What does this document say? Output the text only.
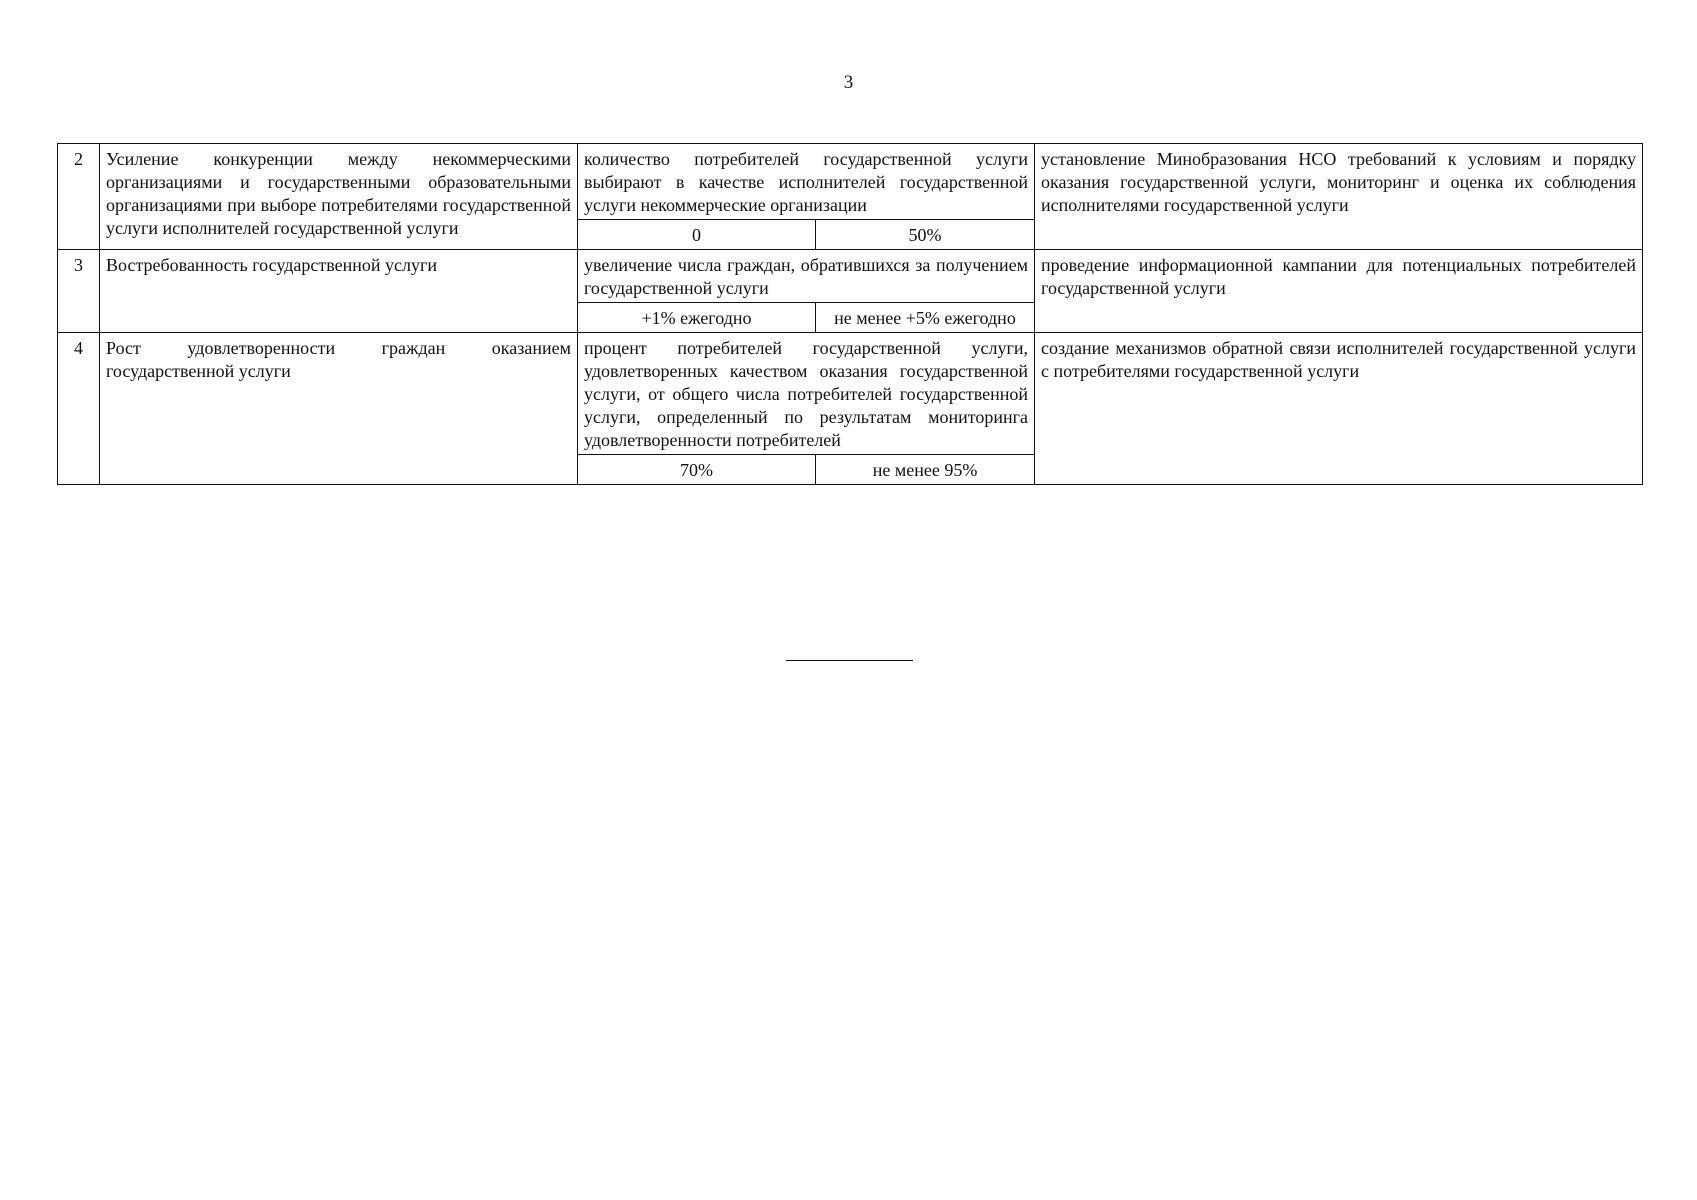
3
2	Усиление конкуренции между некоммерческими организациями и государственными образовательными организациями при выборе потребителями государственной услуги исполнителей государственной услуги	количество потребителей государственной услуги выбирают в качестве исполнителей государственной услуги некоммерческие организации		установление Минобразования НСО требований к условиям и порядку оказания государственной услуги, мониторинг и оценка их соблюдения исполнителями государственной услуги
		0	50%	
3	Востребованность государственной услуги	увеличение числа граждан, обратившихся за получением государственной услуги		проведение информационной кампании для потенциальных потребителей государственной услуги
		+1% ежегодно	не менее +5% ежегодно	
4	Рост удовлетворенности граждан оказанием государственной услуги	процент потребителей государственной услуги, удовлетворенных качеством оказания государственной услуги, от общего числа потребителей государственной услуги, определенный по результатам мониторинга удовлетворенности потребителей		создание механизмов обратной связи исполнителей государственной услуги с потребителями государственной услуги
		70%	не менее 95%	
